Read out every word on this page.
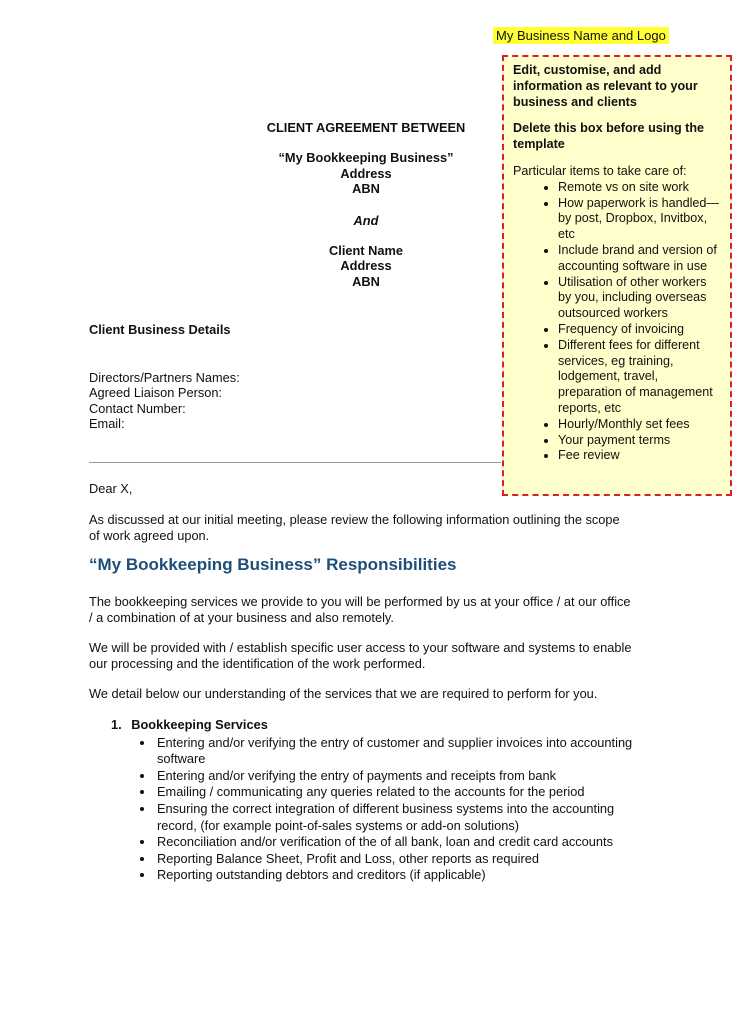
My Business Name and Logo

Edit, customise, and add information as relevant to your business and clients

Delete this box before using the template

Particular items to take care of:

• Remote vs on site work
• How paperwork is handled—by post, Dropbox, Invitbox, etc
• Include brand and version of accounting software in use
• Utilisation of other workers by you, including overseas outsourced workers
• Frequency of invoicing
• Different fees for different services, eg training, lodgement, travel, preparation of management reports, etc
• Hourly/Monthly set fees
• Your payment terms
• Fee review

CLIENT AGREEMENT BETWEEN

“My Bookkeeping Business”

Address

ABN

And

Client Name

Address

ABN

Client Business Details

Directors/Partners Names:

Agreed Liaison Person:

Contact Number:

Email:

Dear X,

As discussed at our initial meeting, please review the following information outlining the scope of work agreed upon.

“My Bookkeeping Business” Responsibilities

The bookkeeping services we provide to you will be performed by us at your office / at our office / a combination of at your business and also remotely.

We will be provided with / establish specific user access to your software and systems to enable our processing and the identification of the work performed.

We detail below our understanding of the services that we are required to perform for you.

1. Bookkeeping Services
• Entering and/or verifying the entry of customer and supplier invoices into accounting software
• Entering and/or verifying the entry of payments and receipts from bank
• Emailing / communicating any queries related to the accounts for the period
• Ensuring the correct integration of different business systems into the accounting record, (for example point-of-sales systems or add-on solutions)
• Reconciliation and/or verification of the of all bank, loan and credit card accounts
• Reporting Balance Sheet, Profit and Loss, other reports as required
• Reporting outstanding debtors and creditors (if applicable)
